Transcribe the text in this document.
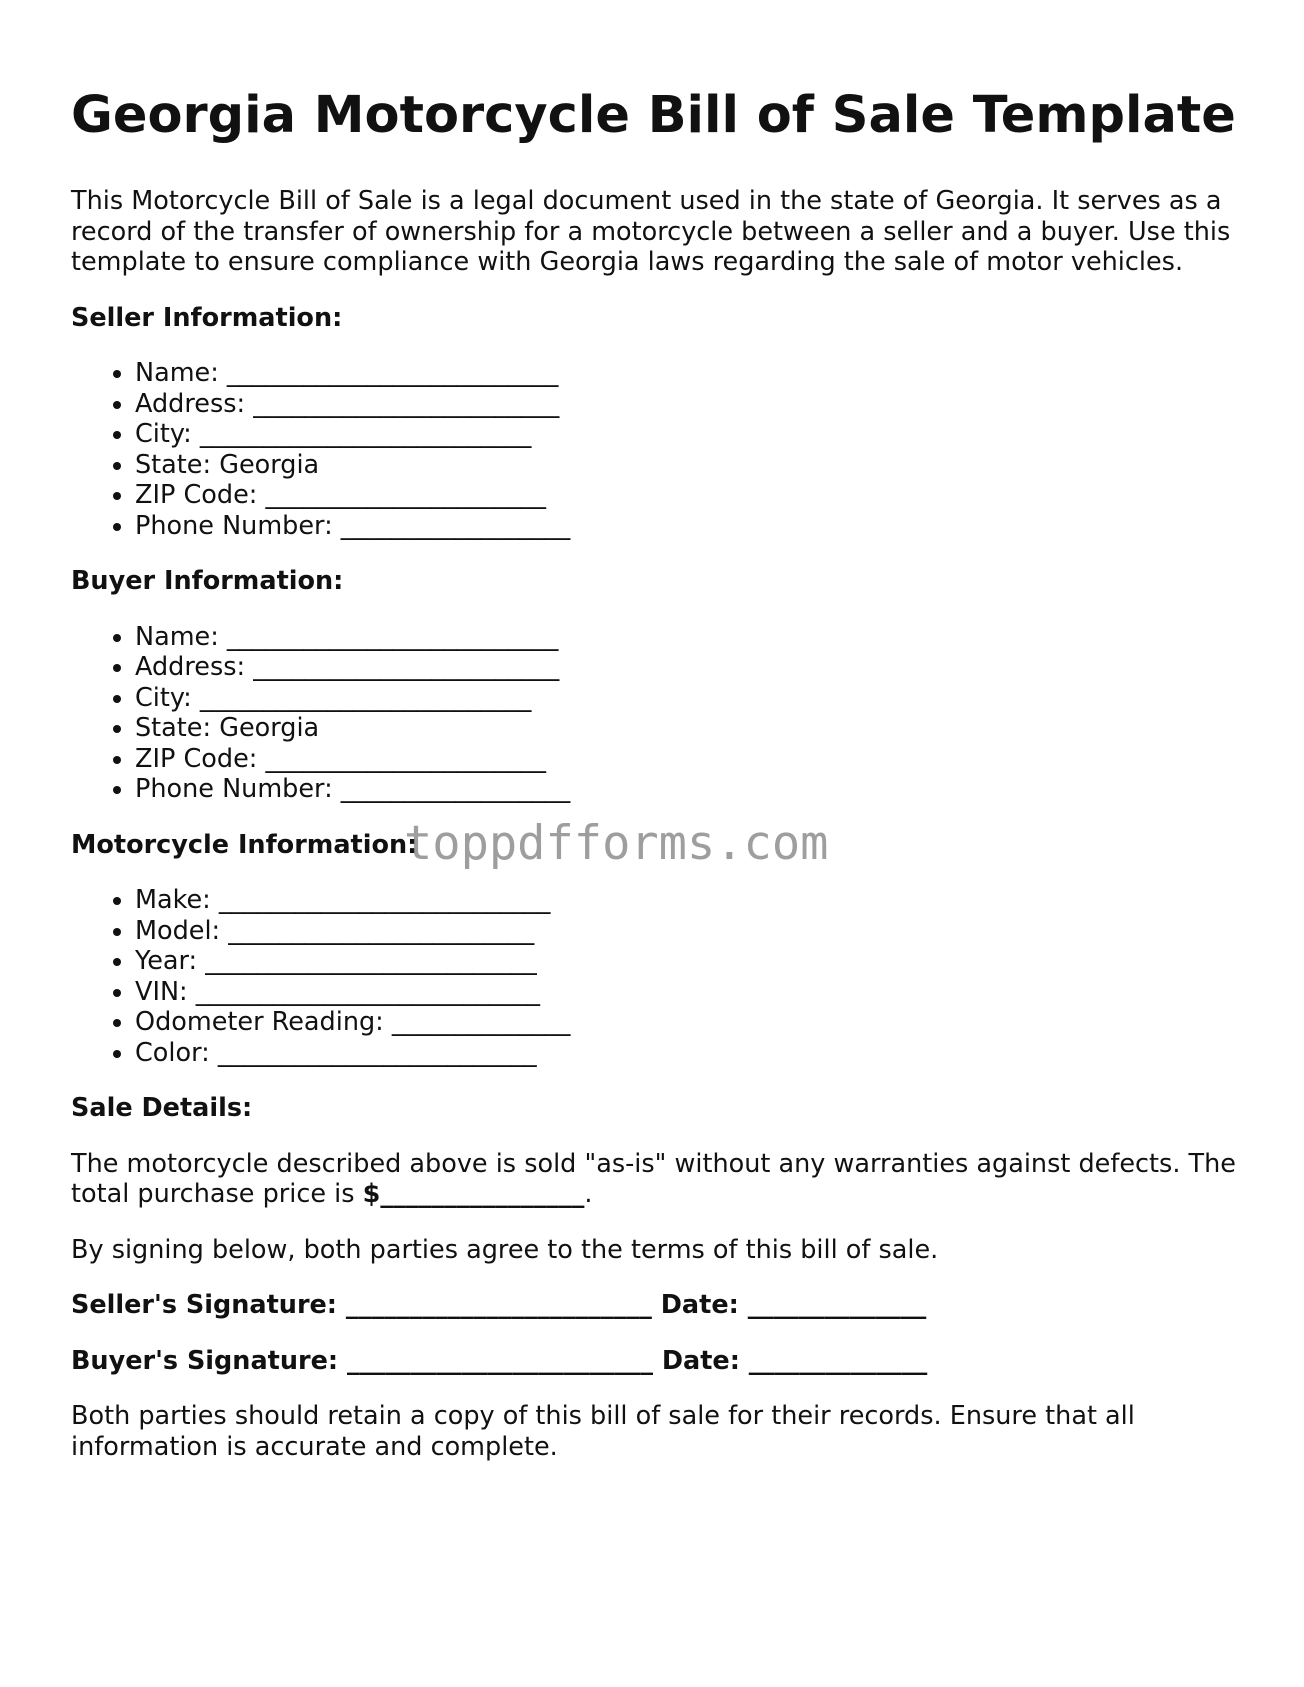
Georgia Motorcycle Bill of Sale Template

This Motorcycle Bill of Sale is a legal document used in the state of Georgia. It serves as a record of the transfer of ownership for a motorcycle between a seller and a buyer. Use this template to ensure compliance with Georgia laws regarding the sale of motor vehicles.

Seller Information:
• Name: __________________________
• Address: ________________________
• City: __________________________
• State: Georgia
• ZIP Code: ______________________
• Phone Number: __________________
Buyer Information:
• Name: __________________________
• Address: ________________________
• City: __________________________
• State: Georgia
• ZIP Code: ______________________
• Phone Number: __________________
Motorcycle Information:
• Make: __________________________
• Model: ________________________
• Year: __________________________
• VIN: ___________________________
• Odometer Reading: ______________
• Color: _________________________
Sale Details:

The motorcycle described above is sold "as-is" without any warranties against defects. The total purchase price is $________________.

By signing below, both parties agree to the terms of this bill of sale.

Seller's Signature: ________________________ Date: ______________
Buyer's Signature: ________________________ Date: ______________

Both parties should retain a copy of this bill of sale for their records. Ensure that all information is accurate and complete.

toppdfforms.com
